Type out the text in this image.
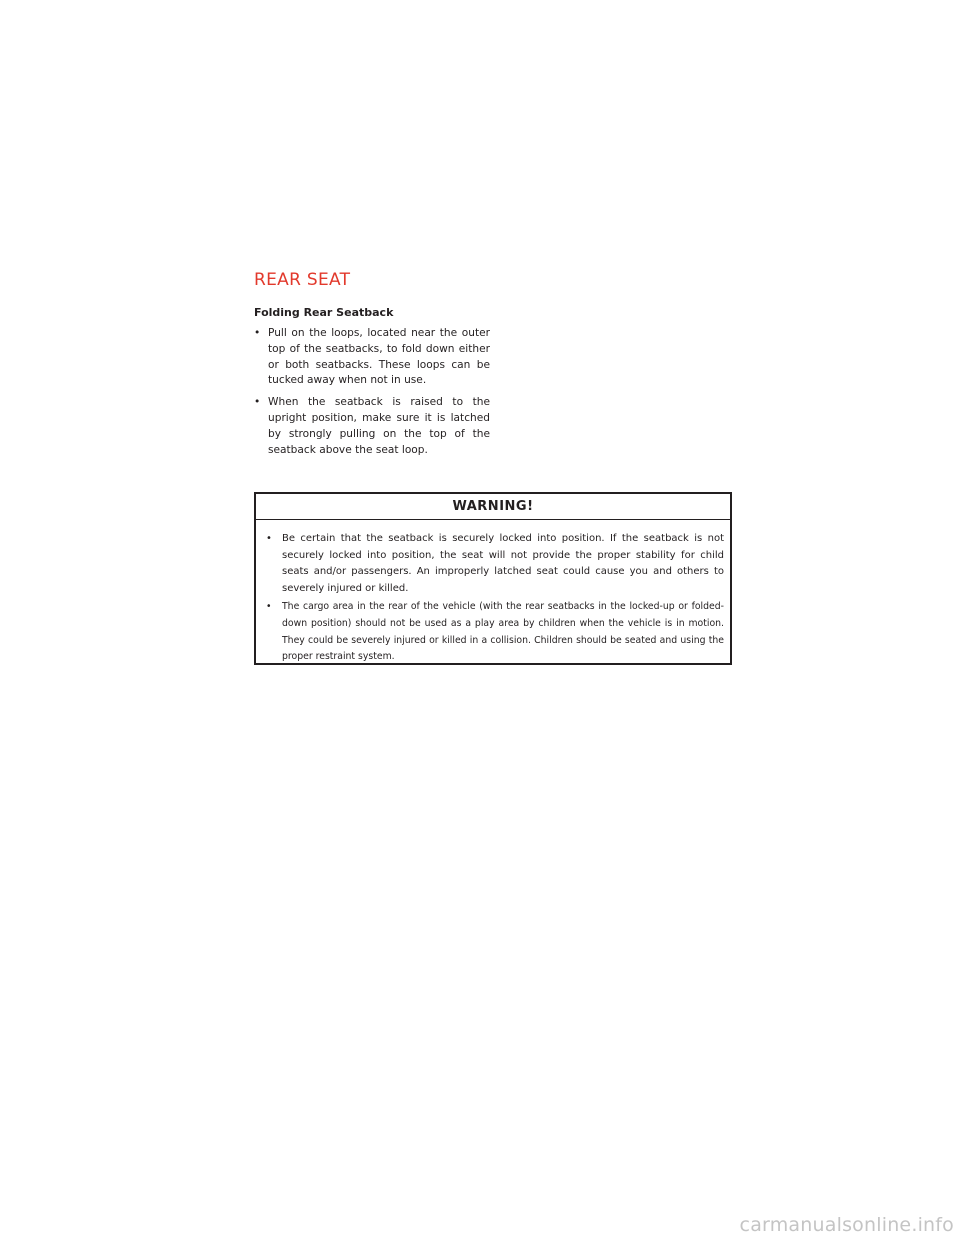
REAR SEAT
Folding Rear Seatback
• Pull on the loops, located near the outer top of the seatbacks, to fold down either or both seatbacks. These loops can be tucked away when not in use.
• When the seatback is raised to the upright position, make sure it is latched by strongly pulling on the top of the seatback above the seat loop.
WARNING!
• Be certain that the seatback is securely locked into position. If the seatback is not securely locked into position, the seat will not provide the proper stability for child seats and/or passengers. An improperly latched seat could cause you and others to severely injured or killed.
• The cargo area in the rear of the vehicle (with the rear seatbacks in the locked-up or folded-down position) should not be used as a play area by children when the vehicle is in motion. They could be severely injured or killed in a collision. Children should be seated and using the proper restraint system.
carmanualsonline.info
